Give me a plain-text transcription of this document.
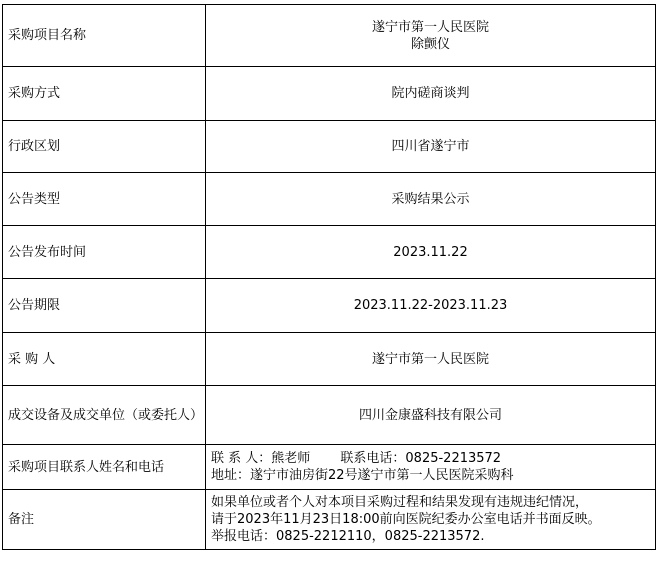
采购项目名称	遂宁市第一人民医院
除颤仪

采购方式	院内磋商谈判

行政区划	四川省遂宁市

公告类型	采购结果公示

公告发布时间	2023.11.22

公告期限	2023.11.22-2023.11.23

采 购 人	遂宁市第一人民医院

成交设备及成交单位（或委托人）	四川金康盛科技有限公司

采购项目联系人姓名和电话	联 系 人：熊老师　　 联系电话：0825-2213572
地址：遂宁市油房街22号遂宁市第一人民医院采购科

备注	如果单位或者个人对本项目采购过程和结果发现有违规违纪情况，
请于2023年11月23日18:00前向医院纪委办公室电话并书面反映。
举报电话：0825-2212110，0825-2213572.
